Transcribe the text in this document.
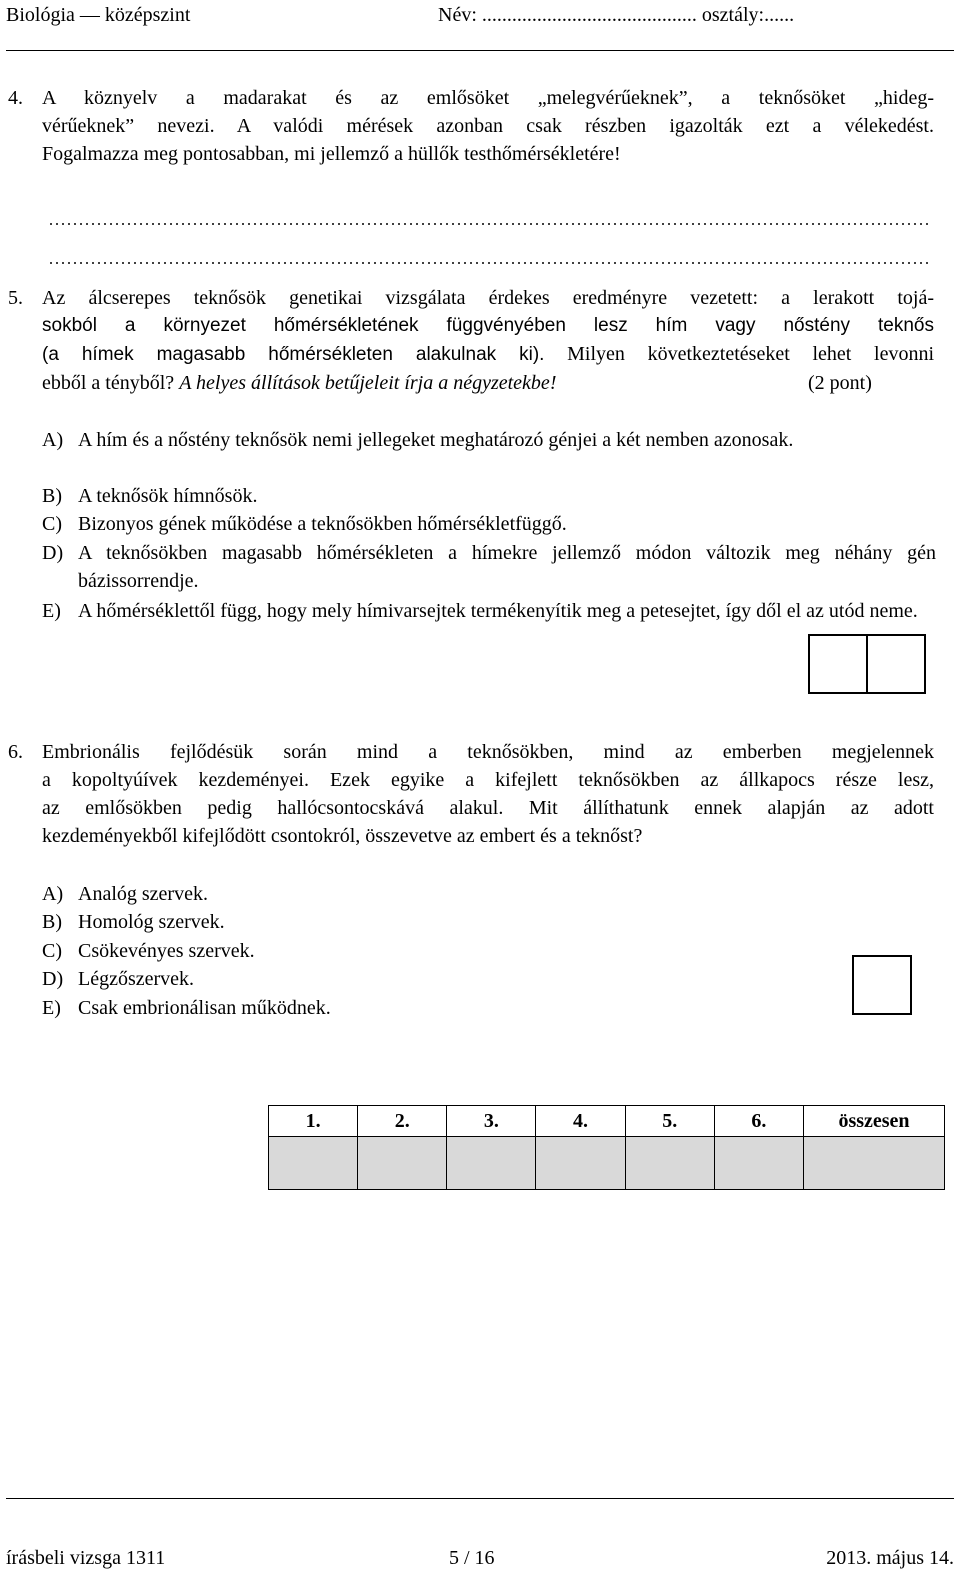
Biológia — középszint	Név: ........................................... osztály:......
4. A köznyelv a madarakat és az emlősöket „melegvérűeknek”, a teknősöket „hideg-
vérűeknek” nevezi. A valódi mérések azonban csak részben igazolták ezt a vélekedést.
Fogalmazza meg pontosabban, mi jellemző a hüllők testhőmérsékletére!
5. Az álcserepes teknősök genetikai vizsgálata érdekes eredményre vezetett: a lerakott tojá-
sokból a környezet hőmérsékletének függvényében lesz hím vagy nőstény teknős
(a hímek magasabb hőmérsékleten alakulnak ki). Milyen következtetéseket lehet levonni
ebből a tényből? A helyes állítások betűjeleit írja a négyzetekbe!	(2 pont)
A) A hím és a nőstény teknősök nemi jellegeket meghatározó génjei a két nemben azonosak.
B) A teknősök hímnősök.
C) Bizonyos gének működése a teknősökben hőmérsékletfüggő.
D) A teknősökben magasabb hőmérsékleten a hímekre jellemző módon változik meg néhány gén bázissorrendje.
E) A hőmérséklettől függ, hogy mely hímivarsejtek termékenyítik meg a petesejtet, így dől el az utód neme.
6. Embrionális fejlődésük során mind a teknősökben, mind az emberben megjelennek
a kopoltyúívek kezdeményei. Ezek egyike a kifejlett teknősökben az állkapocs része lesz,
az emlősökben pedig hallócsontocskává alakul. Mit állíthatunk ennek alapján az adott
kezdeményekből kifejlődött csontokról, összevetve az embert és a teknőst?
A) Analóg szervek.
B) Homológ szervek.
C) Csökevényes szervek.
D) Légzőszervek.
E) Csak embrionálisan működnek.
1.	2.	3.	4.	5.	6.	összesen

írásbeli vizsga 1311	5 / 16	2013. május 14.
